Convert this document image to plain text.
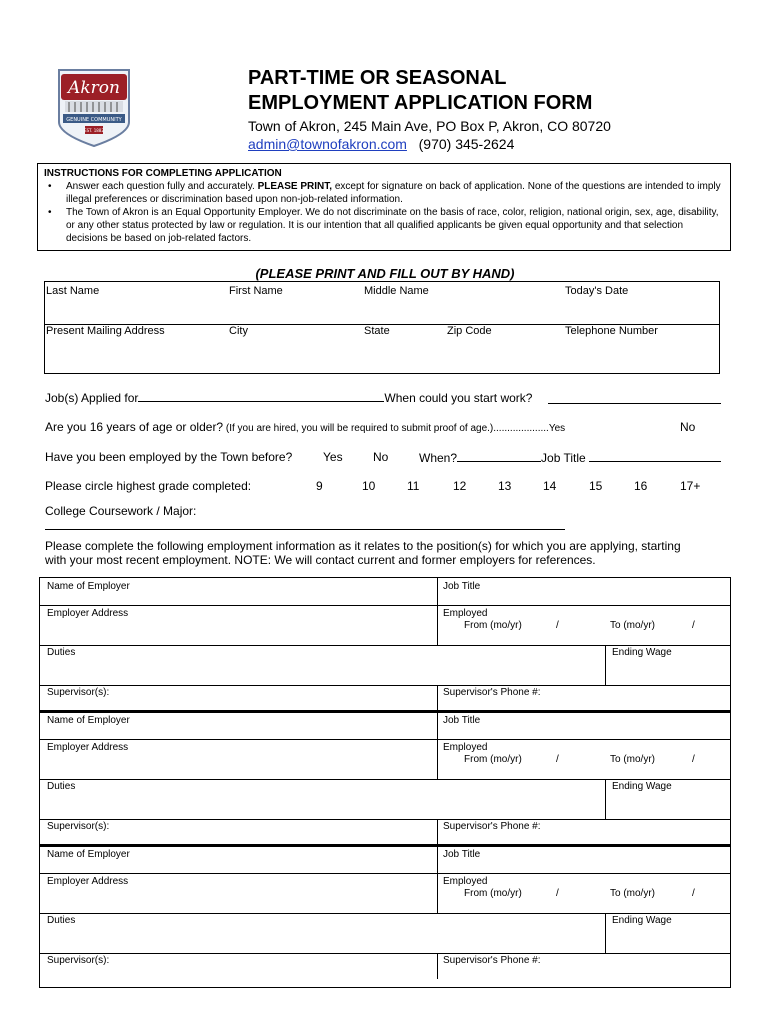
Akron
GENUINE COMMUNITY
EST. 1882
PART-TIME OR SEASONAL
EMPLOYMENT APPLICATION FORM
Town of Akron, 245 Main Ave, PO Box P, Akron, CO 80720
admin@townofakron.com (970) 345-2624
INSTRUCTIONS FOR COMPLETING APPLICATION
• Answer each question fully and accurately. PLEASE PRINT, except for signature on back of application. None of the questions are intended to imply illegal preferences or discrimination based upon non-job-related information.
• The Town of Akron is an Equal Opportunity Employer. We do not discriminate on the basis of race, color, religion, national origin, sex, age, disability, or any other status protected by law or regulation. It is our intention that all qualified applicants be given equal opportunity and that selection decisions be based on job-related factors.
(PLEASE PRINT AND FILL OUT BY HAND)
Last Name	First Name	Middle Name	Today's Date
Present Mailing Address	City	State	Zip Code	Telephone Number
Job(s) Applied for	When could you start work?
Are you 16 years of age or older? (If you are hired, you will be required to submit proof of age.)....................Yes	No
Have you been employed by the Town before?	Yes	No	When?	Job Title
Please circle highest grade completed:	9	10	11	12	13	14	15	16	17+
College Coursework / Major:
Please complete the following employment information as it relates to the position(s) for which you are applying, starting
with your most recent employment. NOTE: We will contact current and former employers for references.
Name of Employer	Job Title
Employer Address	Employed
From (mo/yr)	/	To (mo/yr)	/
Duties	Ending Wage
Supervisor(s):	Supervisor's Phone #:
Name of Employer	Job Title
Employer Address	Employed
From (mo/yr)	/	To (mo/yr)	/
Duties	Ending Wage
Supervisor(s):	Supervisor's Phone #:
Name of Employer	Job Title
Employer Address	Employed
From (mo/yr)	/	To (mo/yr)	/
Duties	Ending Wage
Supervisor(s):	Supervisor's Phone #:
